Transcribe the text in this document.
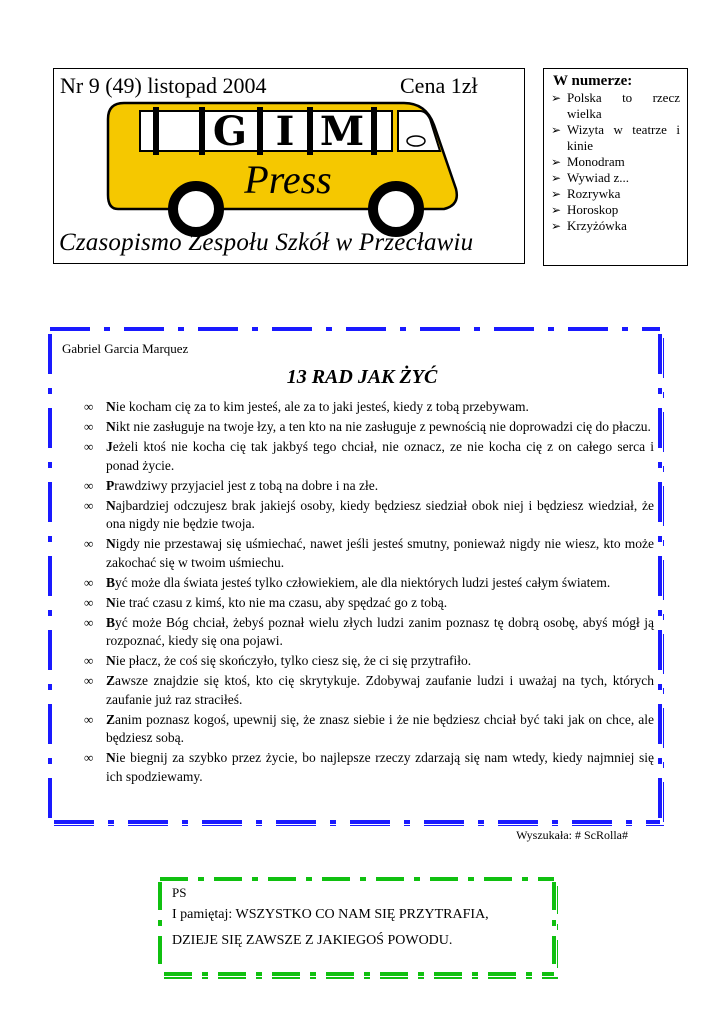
Nr 9 (49) listopad 2004	Cena 1zł
G I M
Press
Czasopismo Zespołu Szkół w Przecławiu
W numerze:
➢ Polska to rzecz wielka
➢ Wizyta w teatrze i kinie
➢ Monodram
➢ Wywiad z...
➢ Rozrywka
➢ Horoskop
➢ Krzyżówka
Gabriel Garcia Marquez
13 RAD JAK ŻYĆ
∞ Nie kocham cię za to kim jesteś, ale za to jaki jesteś, kiedy z tobą przebywam.
∞ Nikt nie zasługuje na twoje łzy, a ten kto na nie zasługuje z pewnością nie doprowadzi cię do płaczu.
∞ Jeżeli ktoś nie kocha cię tak jakbyś tego chciał, nie oznacz, ze nie kocha cię z on całego serca i ponad życie.
∞ Prawdziwy przyjaciel jest z tobą na dobre i na złe.
∞ Najbardziej odczujesz brak jakiejś osoby, kiedy będziesz siedział obok niej i będziesz wiedział, że ona nigdy nie będzie twoja.
∞ Nigdy nie przestawaj się uśmiechać, nawet jeśli jesteś smutny, ponieważ nigdy nie wiesz, kto może zakochać się w twoim uśmiechu.
∞ Być może dla świata jesteś tylko człowiekiem, ale dla niektórych ludzi jesteś całym światem.
∞ Nie trać czasu z kimś, kto nie ma czasu, aby spędzać go z tobą.
∞ Być może Bóg chciał, żebyś poznał wielu złych ludzi zanim poznasz tę dobrą osobę, abyś mógł ją rozpoznać, kiedy się ona pojawi.
∞ Nie płacz, że coś się skończyło, tylko ciesz się, że ci się przytrafiło.
∞ Zawsze znajdzie się ktoś, kto cię skrytykuje. Zdobywaj zaufanie ludzi i uważaj na tych, których zaufanie już raz straciłeś.
∞ Zanim poznasz kogoś, upewnij się, że znasz siebie i że nie będziesz chciał być taki jak on chce, ale będziesz sobą.
∞ Nie biegnij za szybko przez życie, bo najlepsze rzeczy zdarzają się nam wtedy, kiedy najmniej się ich spodziewamy.
Wyszukała: # ScRolla#
PS
I pamiętaj: WSZYSTKO CO NAM SIĘ PRZYTRAFIA,
DZIEJE SIĘ ZAWSZE Z JAKIEGOŚ POWODU.
